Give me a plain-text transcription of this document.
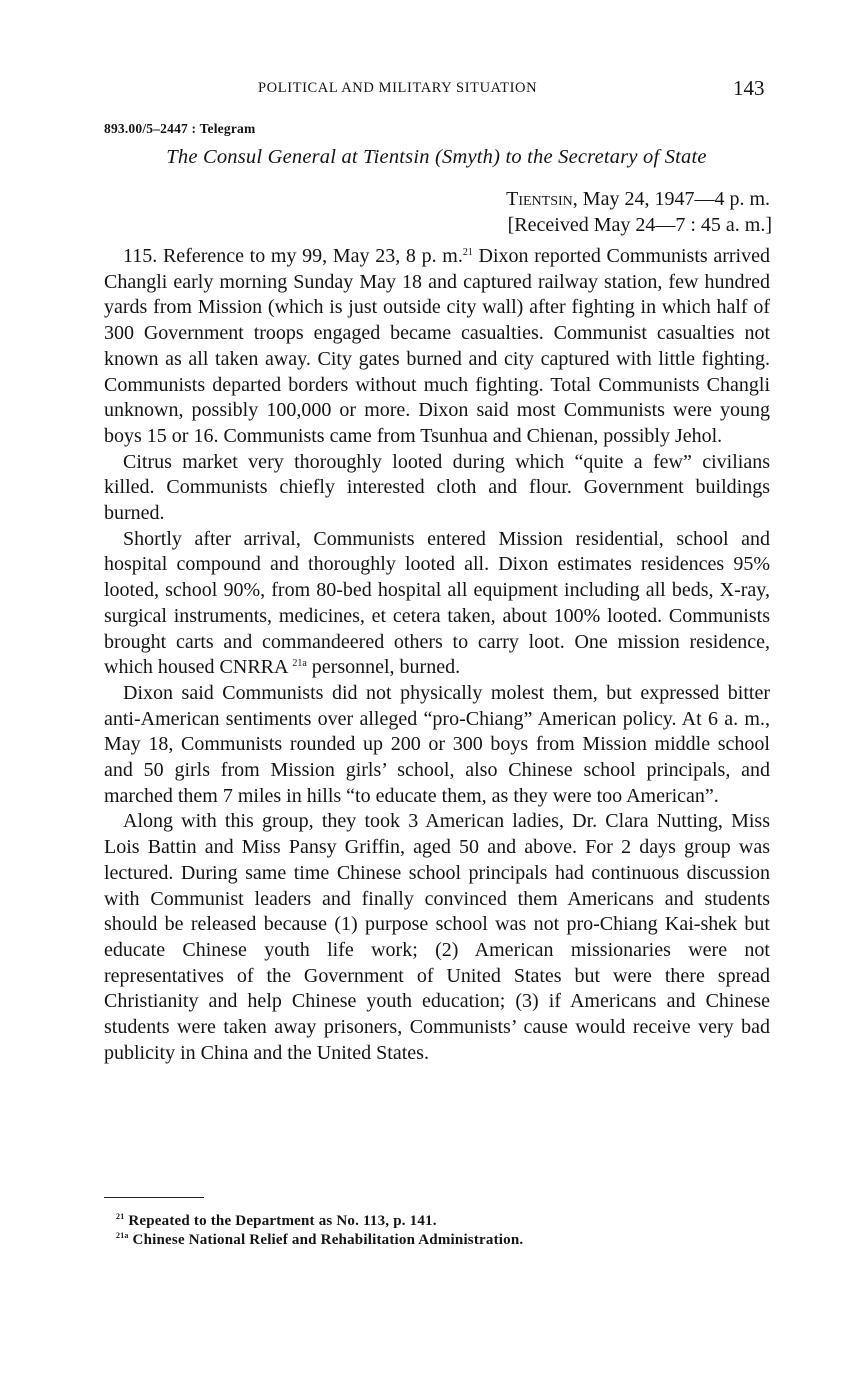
POLITICAL AND MILITARY SITUATION	143
893.00/5–2447 : Telegram
The Consul General at Tientsin (Smyth) to the Secretary of State
Tientsin, May 24, 1947—4 p. m.
[Received May 24—7 : 45 a. m.]

115. Reference to my 99, May 23, 8 p. m.$^{21}$ Dixon reported Communists arrived Changli early morning Sunday May 18 and captured railway station, few hundred yards from Mission (which is just outside city wall) after fighting in which half of 300 Government troops engaged became casualties. Communist casualties not known as all taken away. City gates burned and city captured with little fighting. Communists departed borders without much fighting. Total Communists Changli unknown, possibly 100,000 or more. Dixon said most Communists were young boys 15 or 16. Communists came from Tsunhua and Chienan, possibly Jehol.

Citrus market very thoroughly looted during which “quite a few” civilians killed. Communists chiefly interested cloth and flour. Government buildings burned.

Shortly after arrival, Communists entered Mission residential, school and hospital compound and thoroughly looted all. Dixon estimates residences 95% looted, school 90%, from 80-bed hospital all equipment including all beds, X-ray, surgical instruments, medicines, et cetera taken, about 100% looted. Communists brought carts and commandeered others to carry loot. One mission residence, which housed CNRRA $^{21a}$ personnel, burned.

Dixon said Communists did not physically molest them, but expressed bitter anti-American sentiments over alleged “pro-Chiang” American policy. At 6 a. m., May 18, Communists rounded up 200 or 300 boys from Mission middle school and 50 girls from Mission girls’ school, also Chinese school principals, and marched them 7 miles in hills “to educate them, as they were too American”.

Along with this group, they took 3 American ladies, Dr. Clara Nutting, Miss Lois Battin and Miss Pansy Griffin, aged 50 and above. For 2 days group was lectured. During same time Chinese school principals had continuous discussion with Communist leaders and finally convinced them Americans and students should be released because (1) purpose school was not pro-Chiang Kai-shek but educate Chinese youth life work; (2) American missionaries were not representatives of the Government of United States but were there spread Christianity and help Chinese youth education; (3) if Americans and Chinese students were taken away prisoners, Communists’ cause would receive very bad publicity in China and the United States.

$^{21}$ Repeated to the Department as No. 113, p. 141.
$^{21a}$ Chinese National Relief and Rehabilitation Administration.
